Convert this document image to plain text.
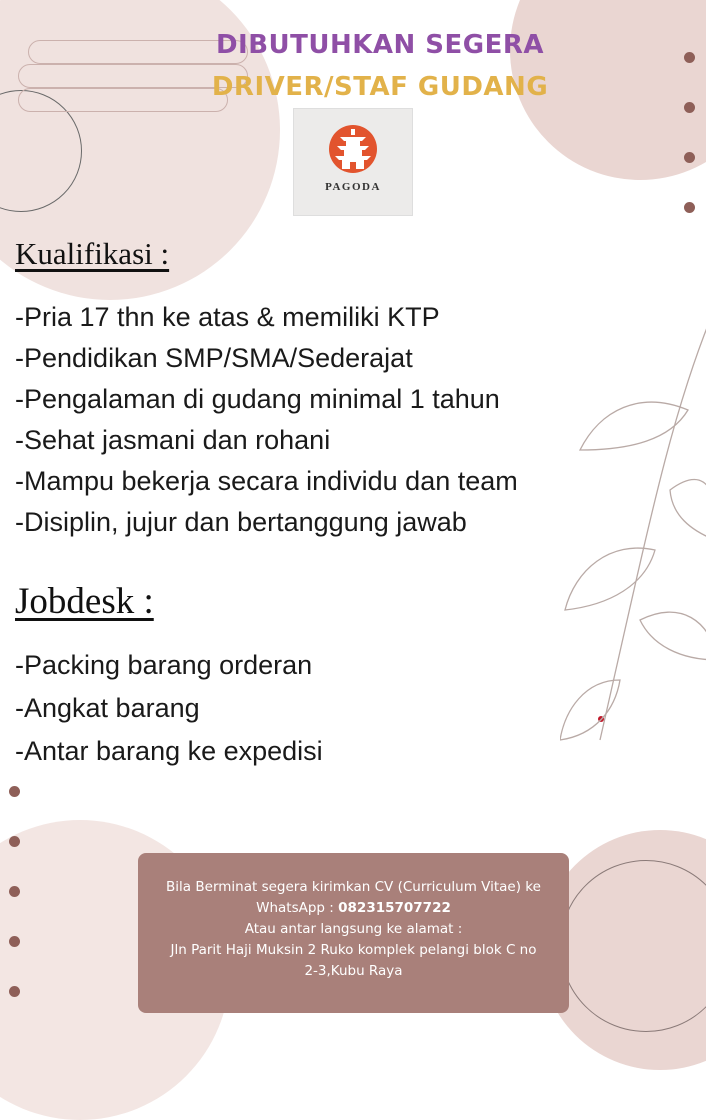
DIBUTUHKAN SEGERA
DRIVER/STAF GUDANG
PAGODA
Kualifikasi :
-Pria 17 thn ke atas & memiliki KTP
-Pendidikan SMP/SMA/Sederajat
-Pengalaman di gudang minimal 1 tahun
-Sehat jasmani dan rohani
-Mampu bekerja secara individu dan team
-Disiplin, jujur dan bertanggung jawab
Jobdesk :
-Packing barang orderan
-Angkat barang
-Antar barang ke expedisi
Bila Berminat segera kirimkan CV (Curriculum Vitae) ke
WhatsApp : 082315707722
Atau antar langsung ke alamat :
Jln Parit Haji Muksin 2 Ruko komplek pelangi blok C no
2-3,Kubu Raya
